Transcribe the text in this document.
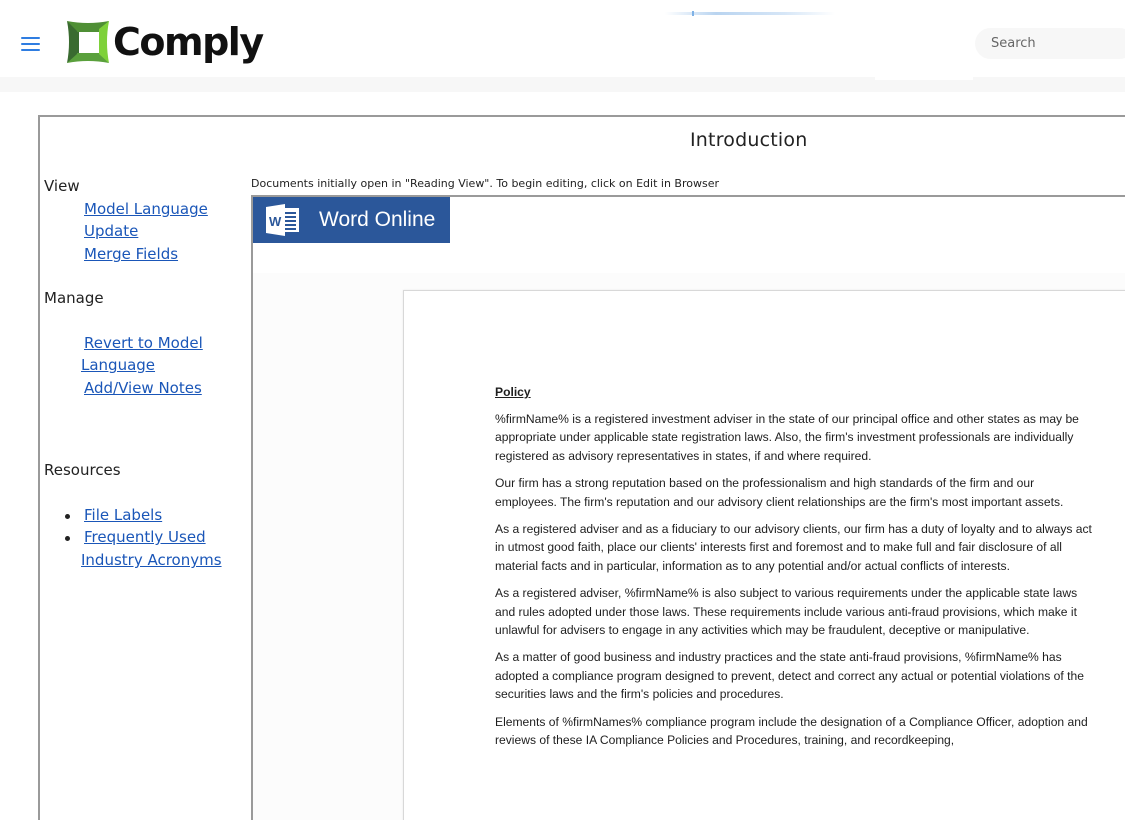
Comply
Search
Introduction
View
Model Language
Update
Merge Fields
Manage
Revert to Model
Language
Add/View Notes
Resources
File Labels
Frequently Used
Industry Acronyms
Documents initially open in "Reading View". To begin editing, click on Edit in Browser
W Word Online
Policy

%firmName% is a registered investment adviser in the state of our principal office and other states as may be appropriate under applicable state registration laws. Also, the firm's investment professionals are individually registered as advisory representatives in states, if and where required.

Our firm has a strong reputation based on the professionalism and high standards of the firm and our employees. The firm's reputation and our advisory client relationships are the firm's most important assets.

As a registered adviser and as a fiduciary to our advisory clients, our firm has a duty of loyalty and to always act in utmost good faith, place our clients' interests first and foremost and to make full and fair disclosure of all material facts and in particular, information as to any potential and/or actual conflicts of interests.

As a registered adviser, %firmName% is also subject to various requirements under the applicable state laws and rules adopted under those laws. These requirements include various anti-fraud provisions, which make it unlawful for advisers to engage in any activities which may be fraudulent, deceptive or manipulative.

As a matter of good business and industry practices and the state anti-fraud provisions, %firmName% has adopted a compliance program designed to prevent, detect and correct any actual or potential violations of the securities laws and the firm's policies and procedures.

Elements of %firmNames% compliance program include the designation of a Compliance Officer, adoption and reviews of these IA Compliance Policies and Procedures, training, and recordkeeping,
